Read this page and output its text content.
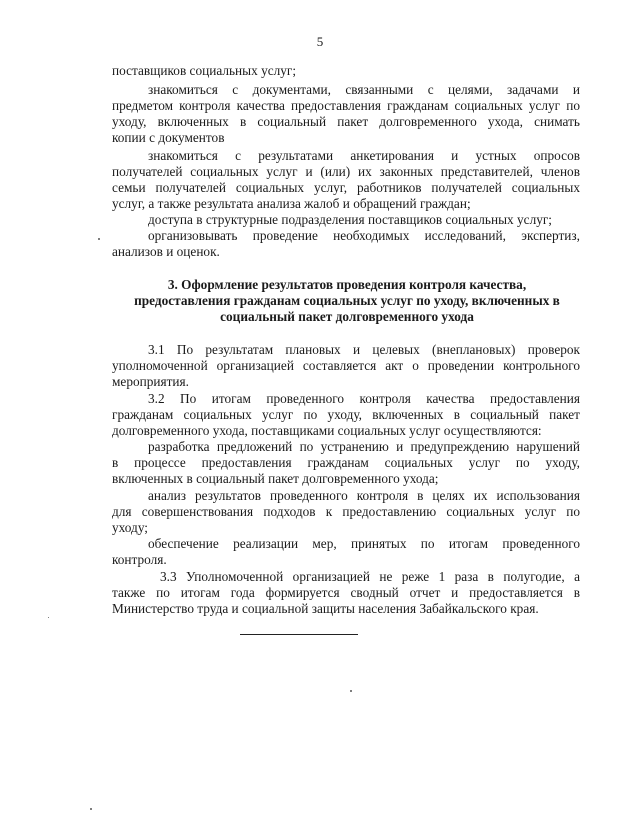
5
поставщиков социальных услуг;
знакомиться с документами, связанными с целями, задачами и
предметом контроля качества предоставления гражданам социальных услуг по
уходу, включенных в социальный пакет долговременного ухода, снимать
копии с документов
знакомиться с результатами анкетирования и устных опросов
получателей социальных услуг и (или) их законных представителей, членов
семьи получателей социальных услуг, работников получателей социальных
услуг, а также результата анализа жалоб и обращений граждан;
доступа в структурные подразделения поставщиков социальных услуг;
организовывать проведение необходимых исследований, экспертиз,
анализов и оценок.
3. Оформление результатов проведения контроля качества,
предоставления гражданам социальных услуг по уходу, включенных в
социальный пакет долговременного ухода
3.1 По результатам плановых и целевых (внеплановых) проверок
уполномоченной организацией составляется акт о проведении контрольного
мероприятия.
3.2 По итогам проведенного контроля качества предоставления
гражданам социальных услуг по уходу, включенных в социальный пакет
долговременного ухода, поставщиками социальных услуг осуществляются:
разработка предложений по устранению и предупреждению нарушений
в процессе предоставления гражданам социальных услуг по уходу,
включенных в социальный пакет долговременного ухода;
анализ результатов проведенного контроля в целях их использования
для совершенствования подходов к предоставлению социальных услуг по
уходу;
обеспечение реализации мер, принятых по итогам проведенного
контроля.
3.3 Уполномоченной организацией не реже 1 раза в полугодие, а
также по итогам года формируется сводный отчет и предоставляется в
Министерство труда и социальной защиты населения Забайкальского края.
